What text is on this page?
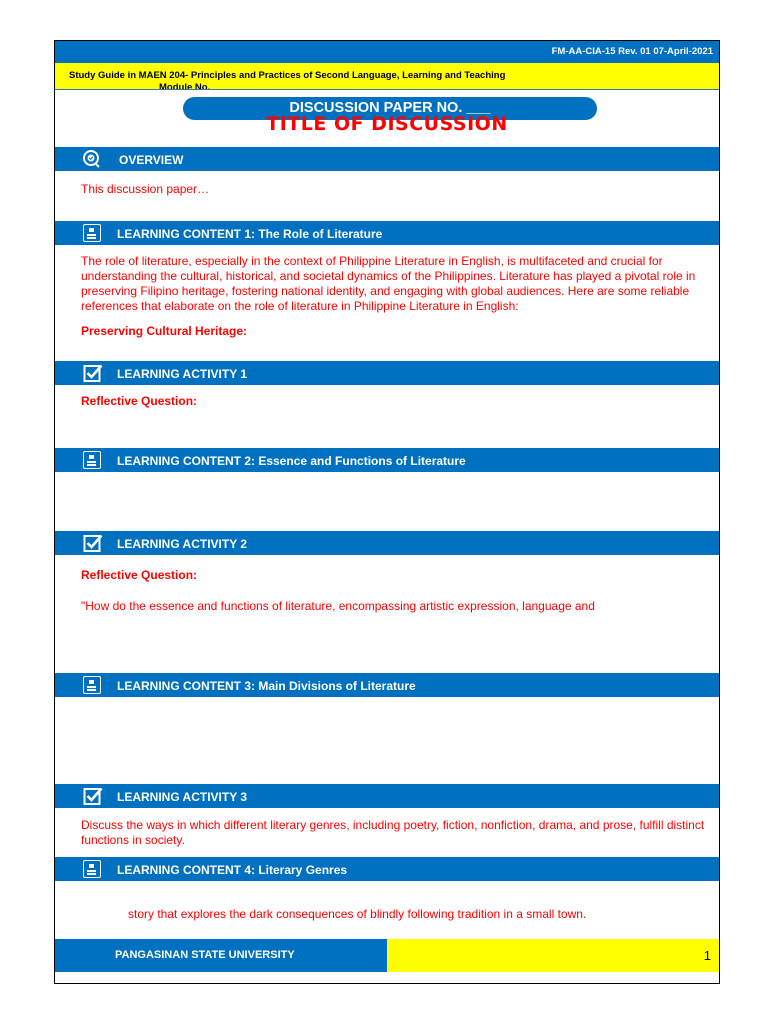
FM-AA-CIA-15 Rev. 01 07-April-2021
Study Guide in MAEN 204- Principles and Practices of Second Language, Learning and Teaching
Module No.
DISCUSSION PAPER NO. ___
TITLE OF DISCUSSION
OVERVIEW
This discussion paper…
LEARNING CONTENT 1: The Role of Literature
The role of literature, especially in the context of Philippine Literature in English, is multifaceted and crucial for understanding the cultural, historical, and societal dynamics of the Philippines. Literature has played a pivotal role in preserving Filipino heritage, fostering national identity, and engaging with global audiences. Here are some reliable references that elaborate on the role of literature in Philippine Literature in English:
Preserving Cultural Heritage:
LEARNING ACTIVITY 1
Reflective Question:
LEARNING CONTENT 2: Essence and Functions of Literature
LEARNING ACTIVITY 2
Reflective Question:
"How do the essence and functions of literature, encompassing artistic expression, language and
LEARNING CONTENT 3: Main Divisions of Literature
LEARNING ACTIVITY 3
Discuss the ways in which different literary genres, including poetry, fiction, nonfiction, drama, and prose, fulfill distinct functions in society.
LEARNING CONTENT 4: Literary Genres
story that explores the dark consequences of blindly following tradition in a small town.
PANGASINAN STATE UNIVERSITY	1
